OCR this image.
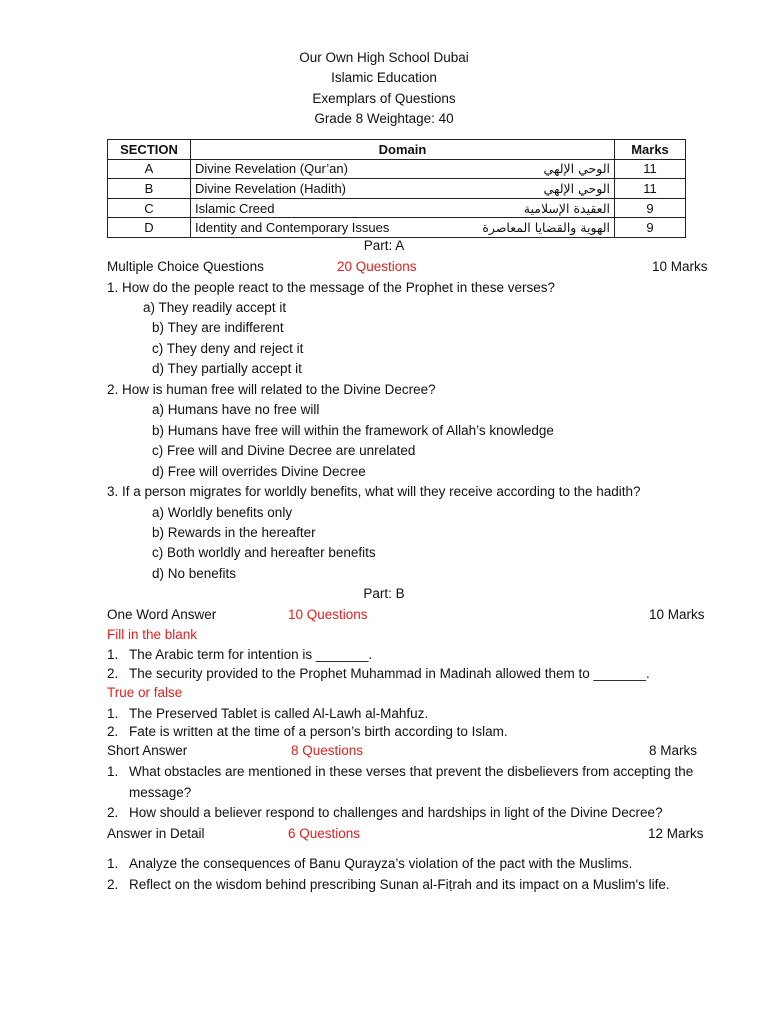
Our Own High School Dubai
Islamic Education
Exemplars of Questions
Grade 8 Weightage: 40
SECTION	Domain	Marks
A	Divine Revelation (Qur’an) الوحي الإلهي	11
B	Divine Revelation (Hadith) الوحي الإلهي	11
C	Islamic Creed العقيدة الإسلامية	9
D	Identity and Contemporary Issues الهوية والقضايا المعاصرة	9
Part: A
Multiple Choice Questions	20 Questions	10 Marks
1. How do the people react to the message of the Prophet in these verses?
a) They readily accept it
b) They are indifferent
c) They deny and reject it
d) They partially accept it
2. How is human free will related to the Divine Decree?
a) Humans have no free will
b) Humans have free will within the framework of Allah’s knowledge
c) Free will and Divine Decree are unrelated
d) Free will overrides Divine Decree
3. If a person migrates for worldly benefits, what will they receive according to the hadith?
a) Worldly benefits only
b) Rewards in the hereafter
c) Both worldly and hereafter benefits
d) No benefits
Part: B
One Word Answer	10 Questions	10 Marks
Fill in the blank
1. The Arabic term for intention is _______.
2. The security provided to the Prophet Muhammad in Madinah allowed them to _______.
True or false
1. The Preserved Tablet is called Al-Lawh al-Mahfuz.
2. Fate is written at the time of a person’s birth according to Islam.
Short Answer	8 Questions	8 Marks
1. What obstacles are mentioned in these verses that prevent the disbelievers from accepting the
message?
2. How should a believer respond to challenges and hardships in light of the Divine Decree?
Answer in Detail	6 Questions	12 Marks
1. Analyze the consequences of Banu Qurayza’s violation of the pact with the Muslims.
2. Reflect on the wisdom behind prescribing Sunan al-Fiṭrah and its impact on a Muslim's life.
